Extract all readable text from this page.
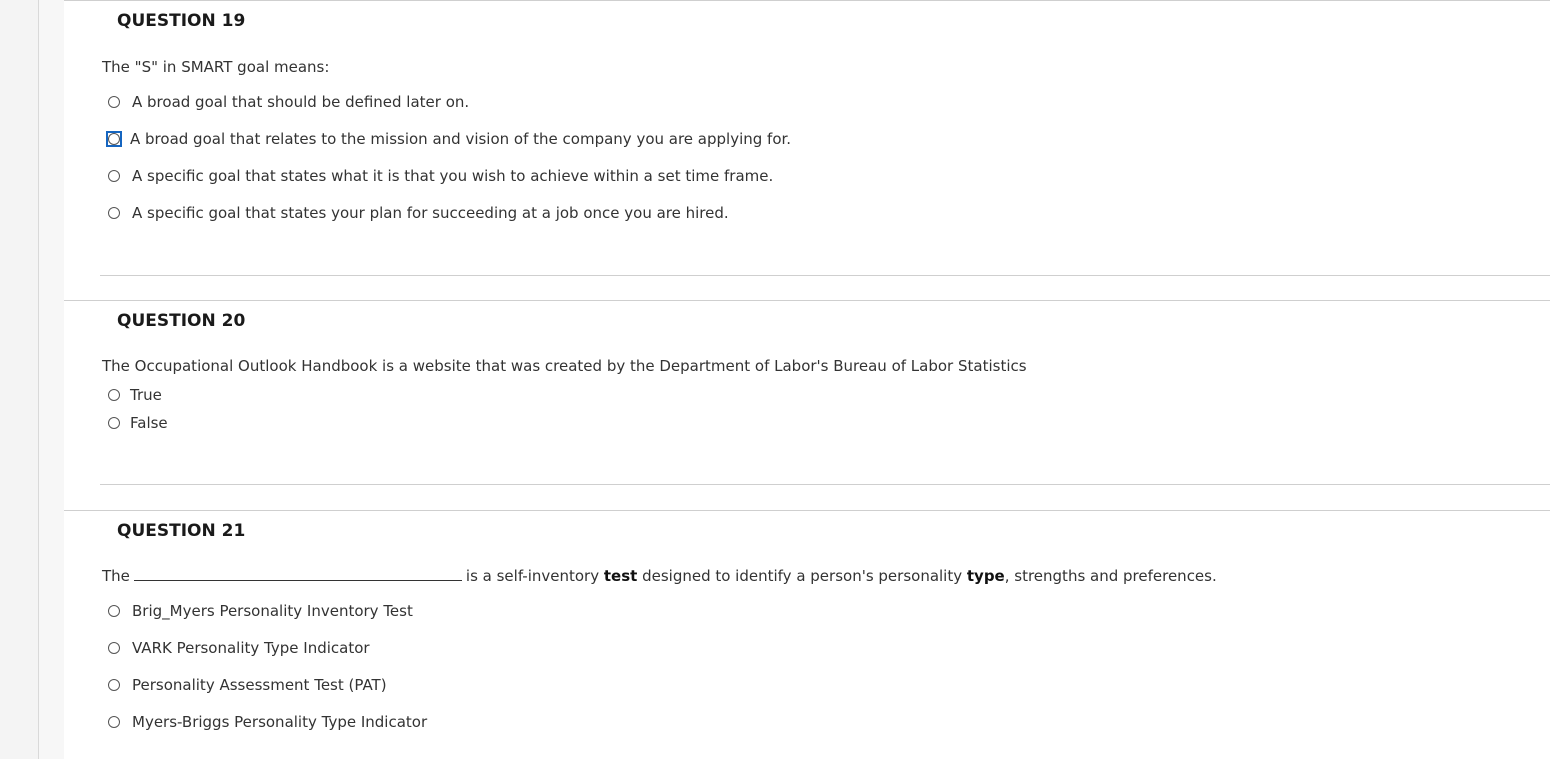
QUESTION 19
The "S" in SMART goal means:
A broad goal that should be defined later on.
A broad goal that relates to the mission and vision of the company you are applying for.
A specific goal that states what it is that you wish to achieve within a set time frame.
A specific goal that states your plan for succeeding at a job once you are hired.
QUESTION 20
The Occupational Outlook Handbook is a website that was created by the Department of Labor's Bureau of Labor Statistics
True
False
QUESTION 21
The	is a self-inventory test designed to identify a person's personality type, strengths and preferences.
Brig_Myers Personality Inventory Test
VARK Personality Type Indicator
Personality Assessment Test (PAT)
Myers-Briggs Personality Type Indicator
